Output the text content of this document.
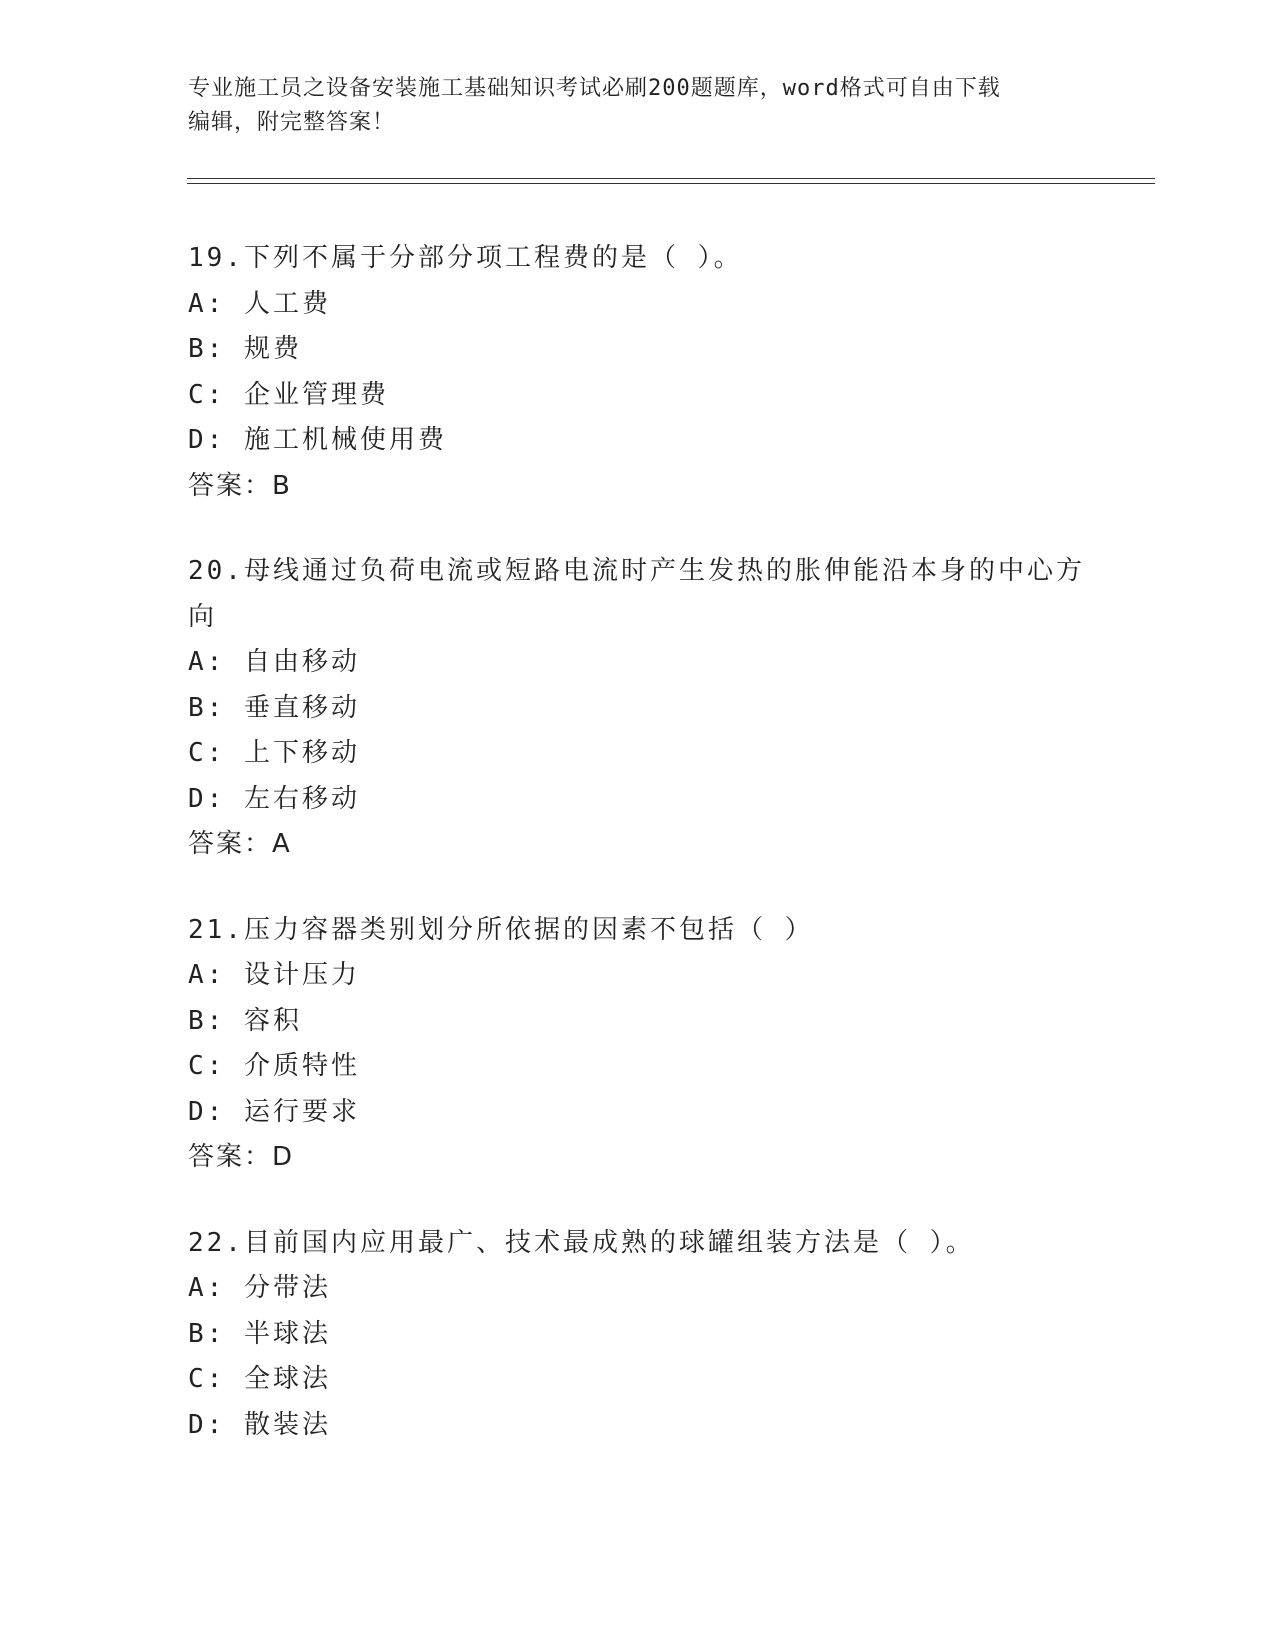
专业施工员之设备安装施工基础知识考试必刷200题题库，word格式可自由下载
编辑，附完整答案！
19.下列不属于分部分项工程费的是（ ）。
A: 人工费
B: 规费
C: 企业管理费
D: 施工机械使用费
答案：B
20.母线通过负荷电流或短路电流时产生发热的胀伸能沿本身的中心方
向
A: 自由移动
B: 垂直移动
C: 上下移动
D: 左右移动
答案：A
21.压力容器类别划分所依据的因素不包括（ ）
A: 设计压力
B: 容积
C: 介质特性
D: 运行要求
答案：D
22.目前国内应用最广、技术最成熟的球罐组装方法是（ ）。
A: 分带法
B: 半球法
C: 全球法
D: 散装法
